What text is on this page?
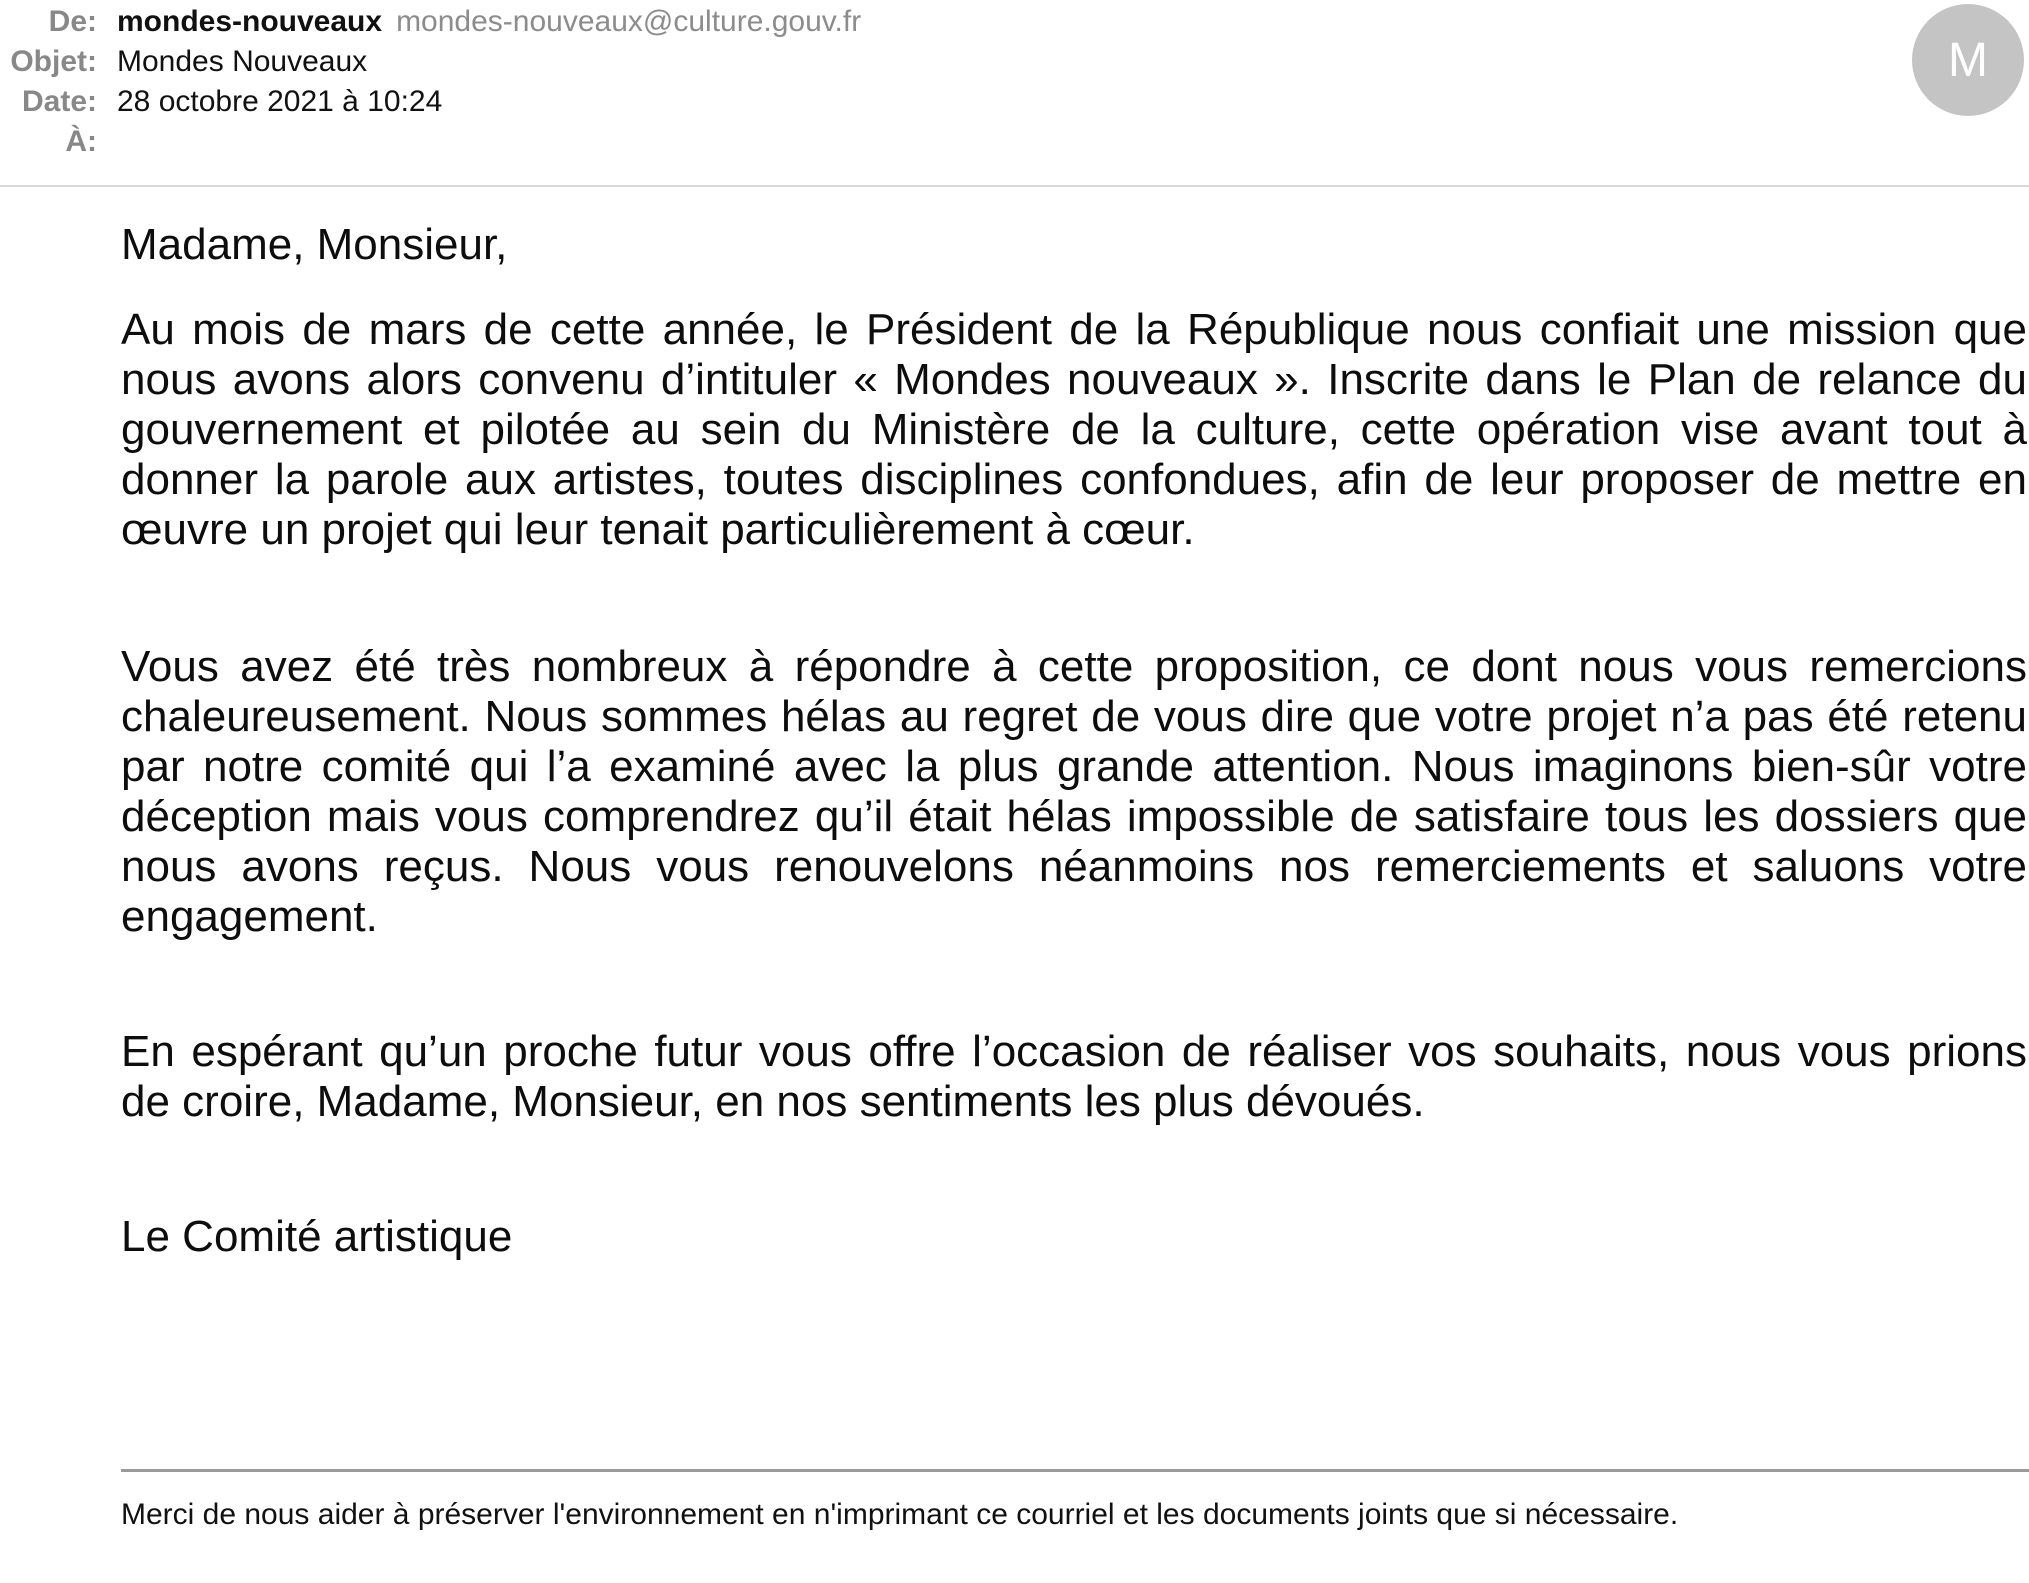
De: mondes-nouveaux mondes-nouveaux@culture.gouv.fr
Objet: Mondes Nouveaux
Date: 28 octobre 2021 à 10:24
À:
M
Madame, Monsieur,

Au mois de mars de cette année, le Président de la République nous confiait une mission que nous avons alors convenu d’intituler « Mondes nouveaux ». Inscrite dans le Plan de relance du gouvernement et pilotée au sein du Ministère de la culture, cette opération vise avant tout à donner la parole aux artistes, toutes disciplines confondues, afin de leur proposer de mettre en œuvre un projet qui leur tenait particulièrement à cœur.

Vous avez été très nombreux à répondre à cette proposition, ce dont nous vous remercions chaleureusement. Nous sommes hélas au regret de vous dire que votre projet n’a pas été retenu par notre comité qui l’a examiné avec la plus grande attention. Nous imaginons bien-sûr votre déception mais vous comprendrez qu’il était hélas impossible de satisfaire tous les dossiers que nous avons reçus. Nous vous renouvelons néanmoins nos remerciements et saluons votre engagement.

En espérant qu’un proche futur vous offre l’occasion de réaliser vos souhaits, nous vous prions de croire, Madame, Monsieur, en nos sentiments les plus dévoués.

Le Comité artistique
Merci de nous aider à préserver l'environnement en n'imprimant ce courriel et les documents joints que si nécessaire.
